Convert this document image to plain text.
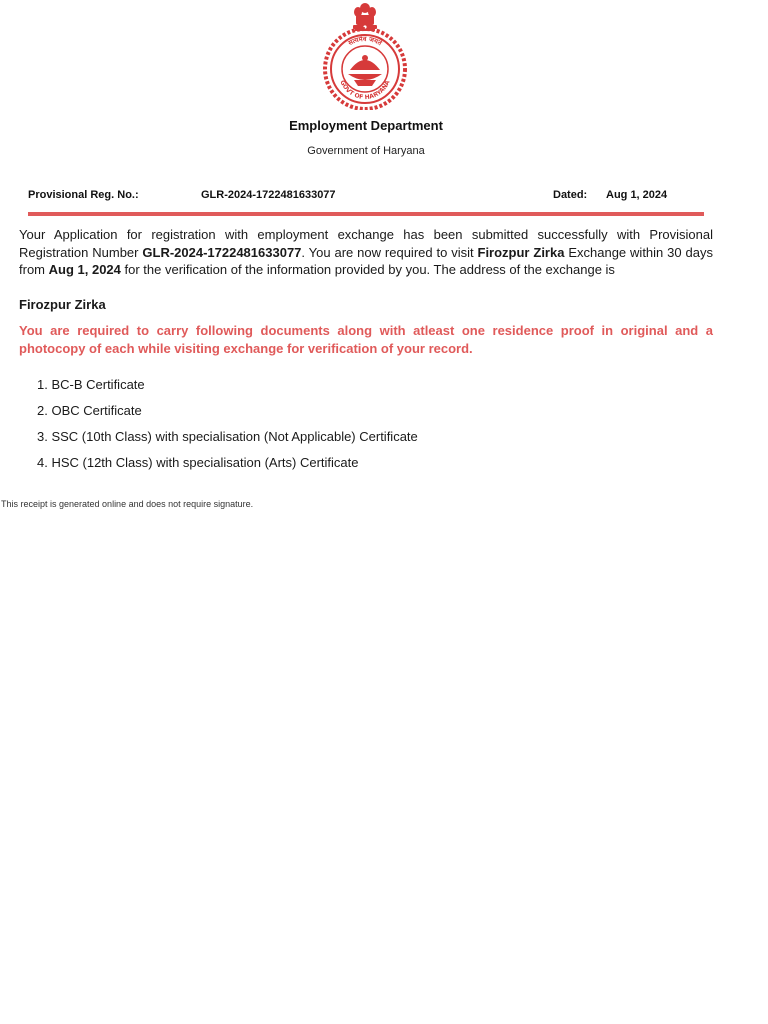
सत्यमेव जयते
GOVT OF HARYANA
Employment Department
Government of Haryana
Provisional Reg. No.:	GLR-2024-1722481633077	Dated: Aug 1, 2024
Your Application for registration with employment exchange has been submitted successfully with Provisional Registration Number GLR-2024-1722481633077. You are now required to visit Firozpur Zirka Exchange within 30 days from Aug 1, 2024 for the verification of the information provided by you. The address of the exchange is
Firozpur Zirka
You are required to carry following documents along with atleast one residence proof in original and a photocopy of each while visiting exchange for verification of your record.
1. BC-B Certificate
2. OBC Certificate
3. SSC (10th Class) with specialisation (Not Applicable) Certificate
4. HSC (12th Class) with specialisation (Arts) Certificate
This receipt is generated online and does not require signature.
